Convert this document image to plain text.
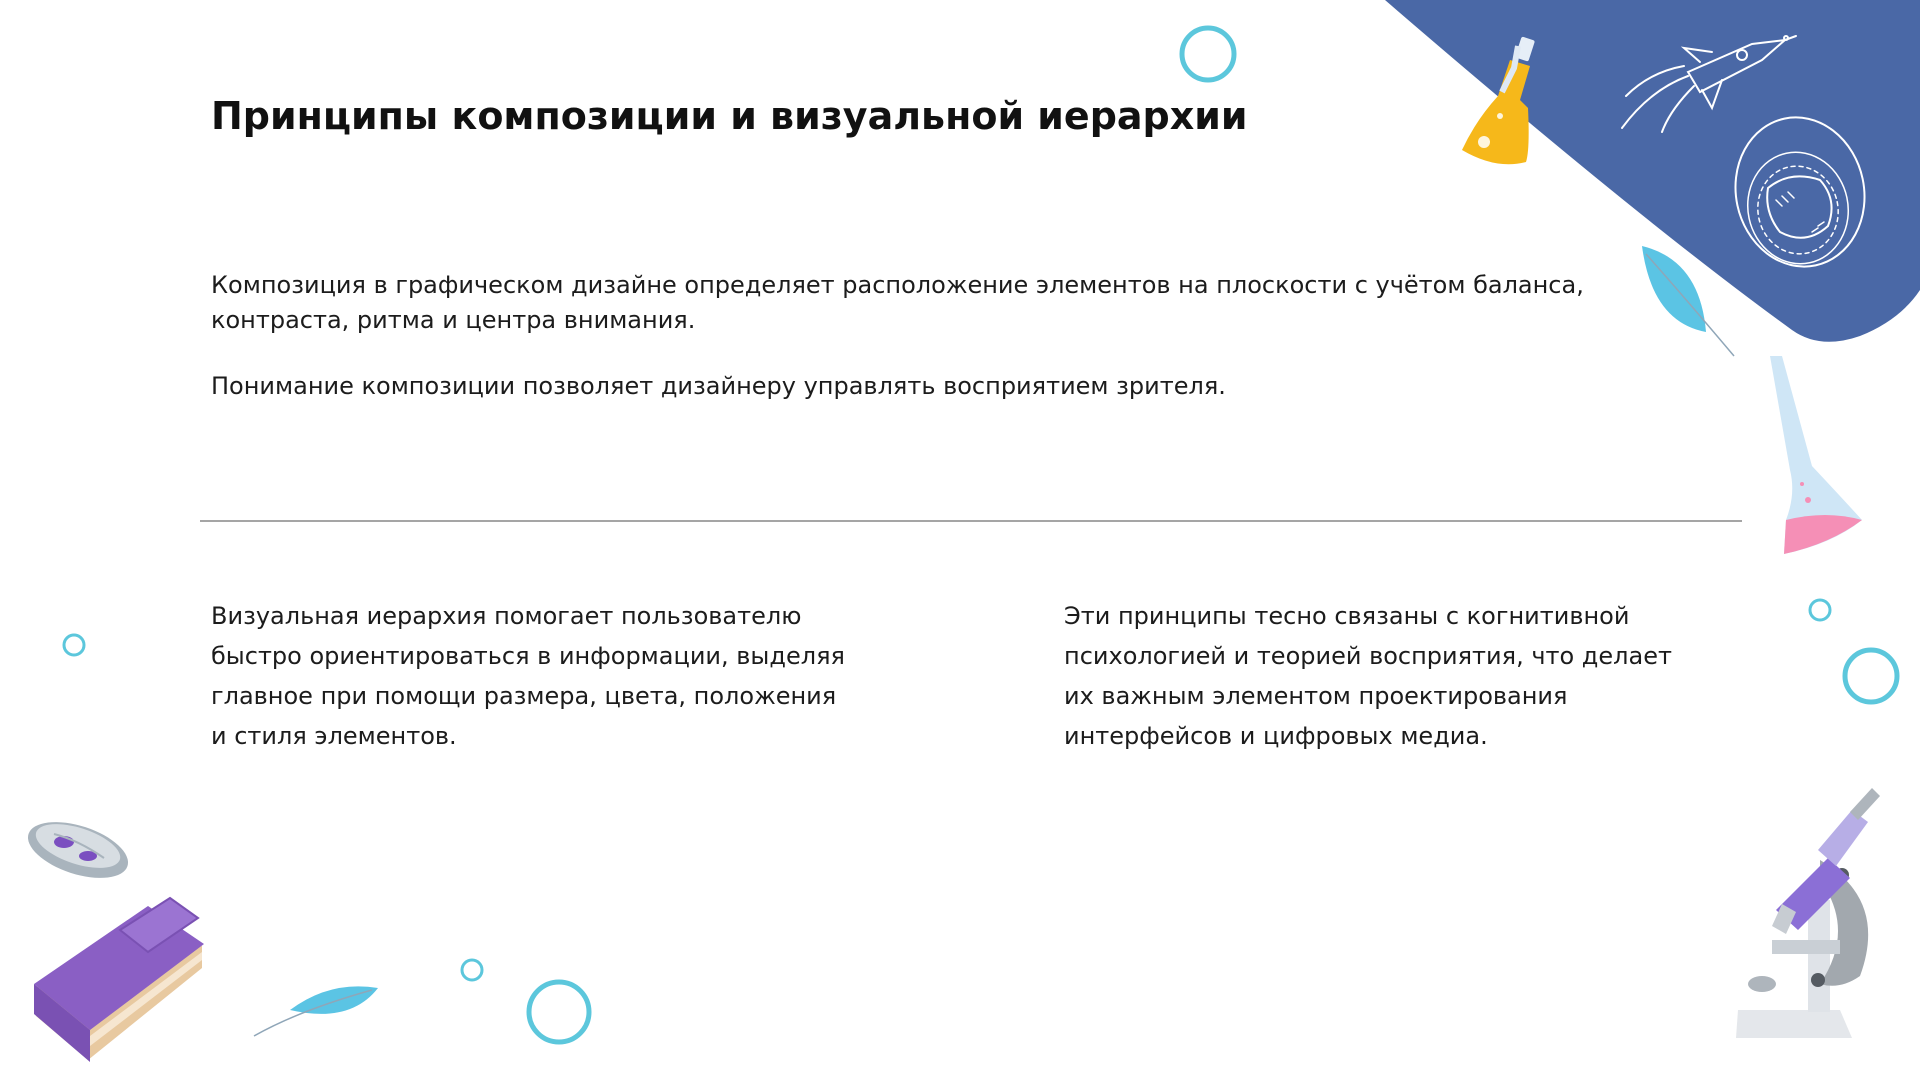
Принципы композиции и визуальной иерархии

Композиция в графическом дизайне определяет расположение элементов на плоскости с учётом баланса, контраста, ритма и центра внимания.

Понимание композиции позволяет дизайнеру управлять восприятием зрителя.

Визуальная иерархия помогает пользователю быстро ориентироваться в информации, выделяя главное при помощи размера, цвета, положения и стиля элементов.

Эти принципы тесно связаны с когнитивной психологией и теорией восприятия, что делает их важным элементом проектирования интерфейсов и цифровых медиа.
